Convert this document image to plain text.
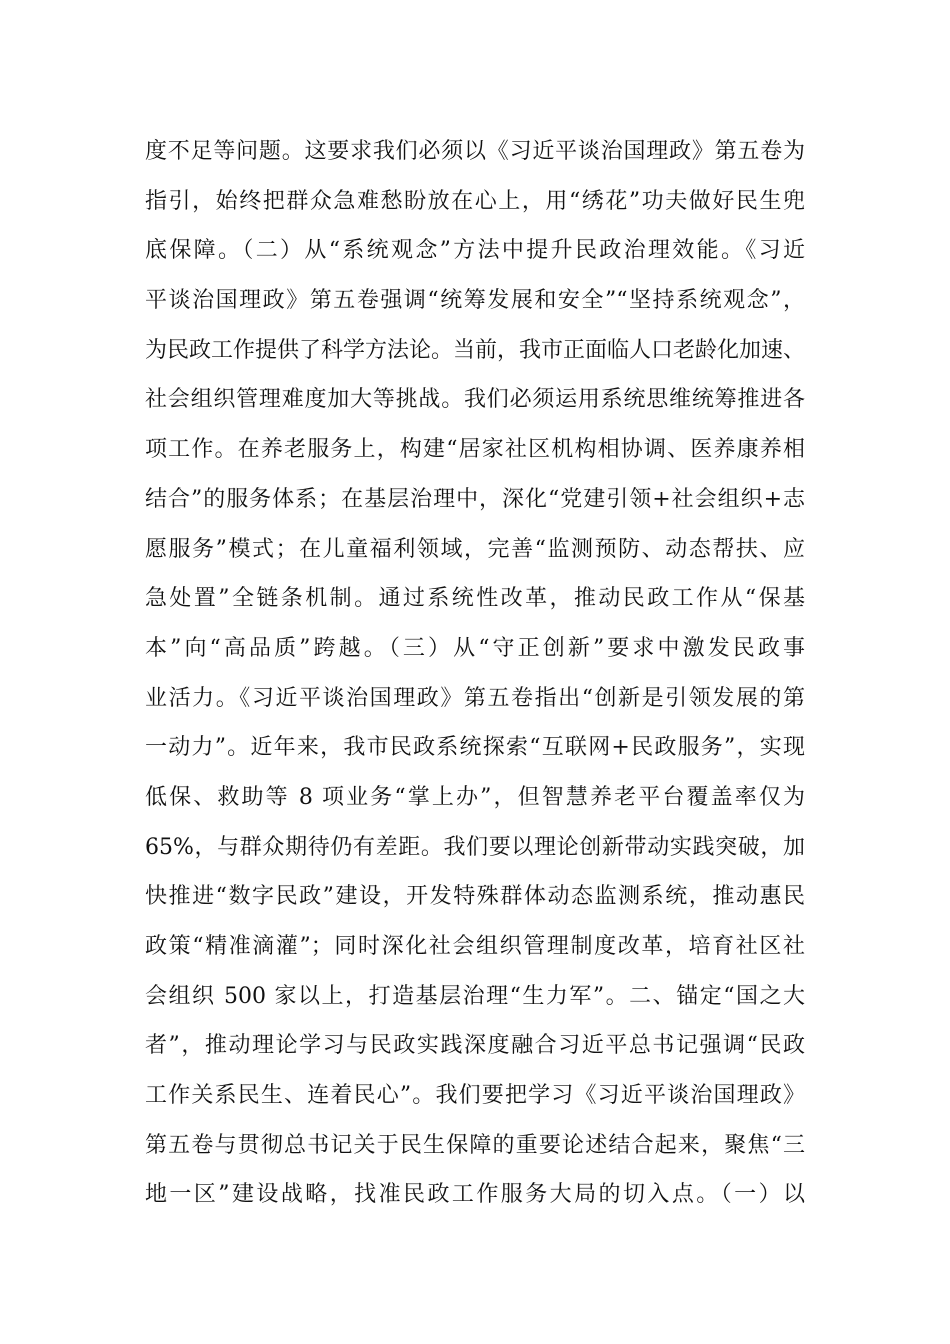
度不足等问题。这要求我们必须以《习近平谈治国理政》第五卷为
指引，始终把群众急难愁盼放在心上，用“绣花”功夫做好民生兜
底保障。（二）从“系统观念”方法中提升民政治理效能。《习近
平谈治国理政》第五卷强调“统筹发展和安全”“坚持系统观念”，
为民政工作提供了科学方法论。当前，我市正面临人口老龄化加速、
社会组织管理难度加大等挑战。我们必须运用系统思维统筹推进各
项工作。在养老服务上，构建“居家社区机构相协调、医养康养相
结合”的服务体系；在基层治理中，深化“党建引领+社会组织+志
愿服务”模式；在儿童福利领域，完善“监测预防、动态帮扶、应
急处置”全链条机制。通过系统性改革，推动民政工作从“保基
本”向“高品质”跨越。（三）从“守正创新”要求中激发民政事
业活力。《习近平谈治国理政》第五卷指出“创新是引领发展的第
一动力”。近年来，我市民政系统探索“互联网+民政服务”，实现
低保、救助等 8 项业务“掌上办”，但智慧养老平台覆盖率仅为
65%，与群众期待仍有差距。我们要以理论创新带动实践突破，加
快推进“数字民政”建设，开发特殊群体动态监测系统，推动惠民
政策“精准滴灌”；同时深化社会组织管理制度改革，培育社区社
会组织 500 家以上，打造基层治理“生力军”。二、锚定“国之大
者”，推动理论学习与民政实践深度融合习近平总书记强调“民政
工作关系民生、连着民心”。我们要把学习《习近平谈治国理政》
第五卷与贯彻总书记关于民生保障的重要论述结合起来，聚焦“三
地一区”建设战略，找准民政工作服务大局的切入点。（一）以
